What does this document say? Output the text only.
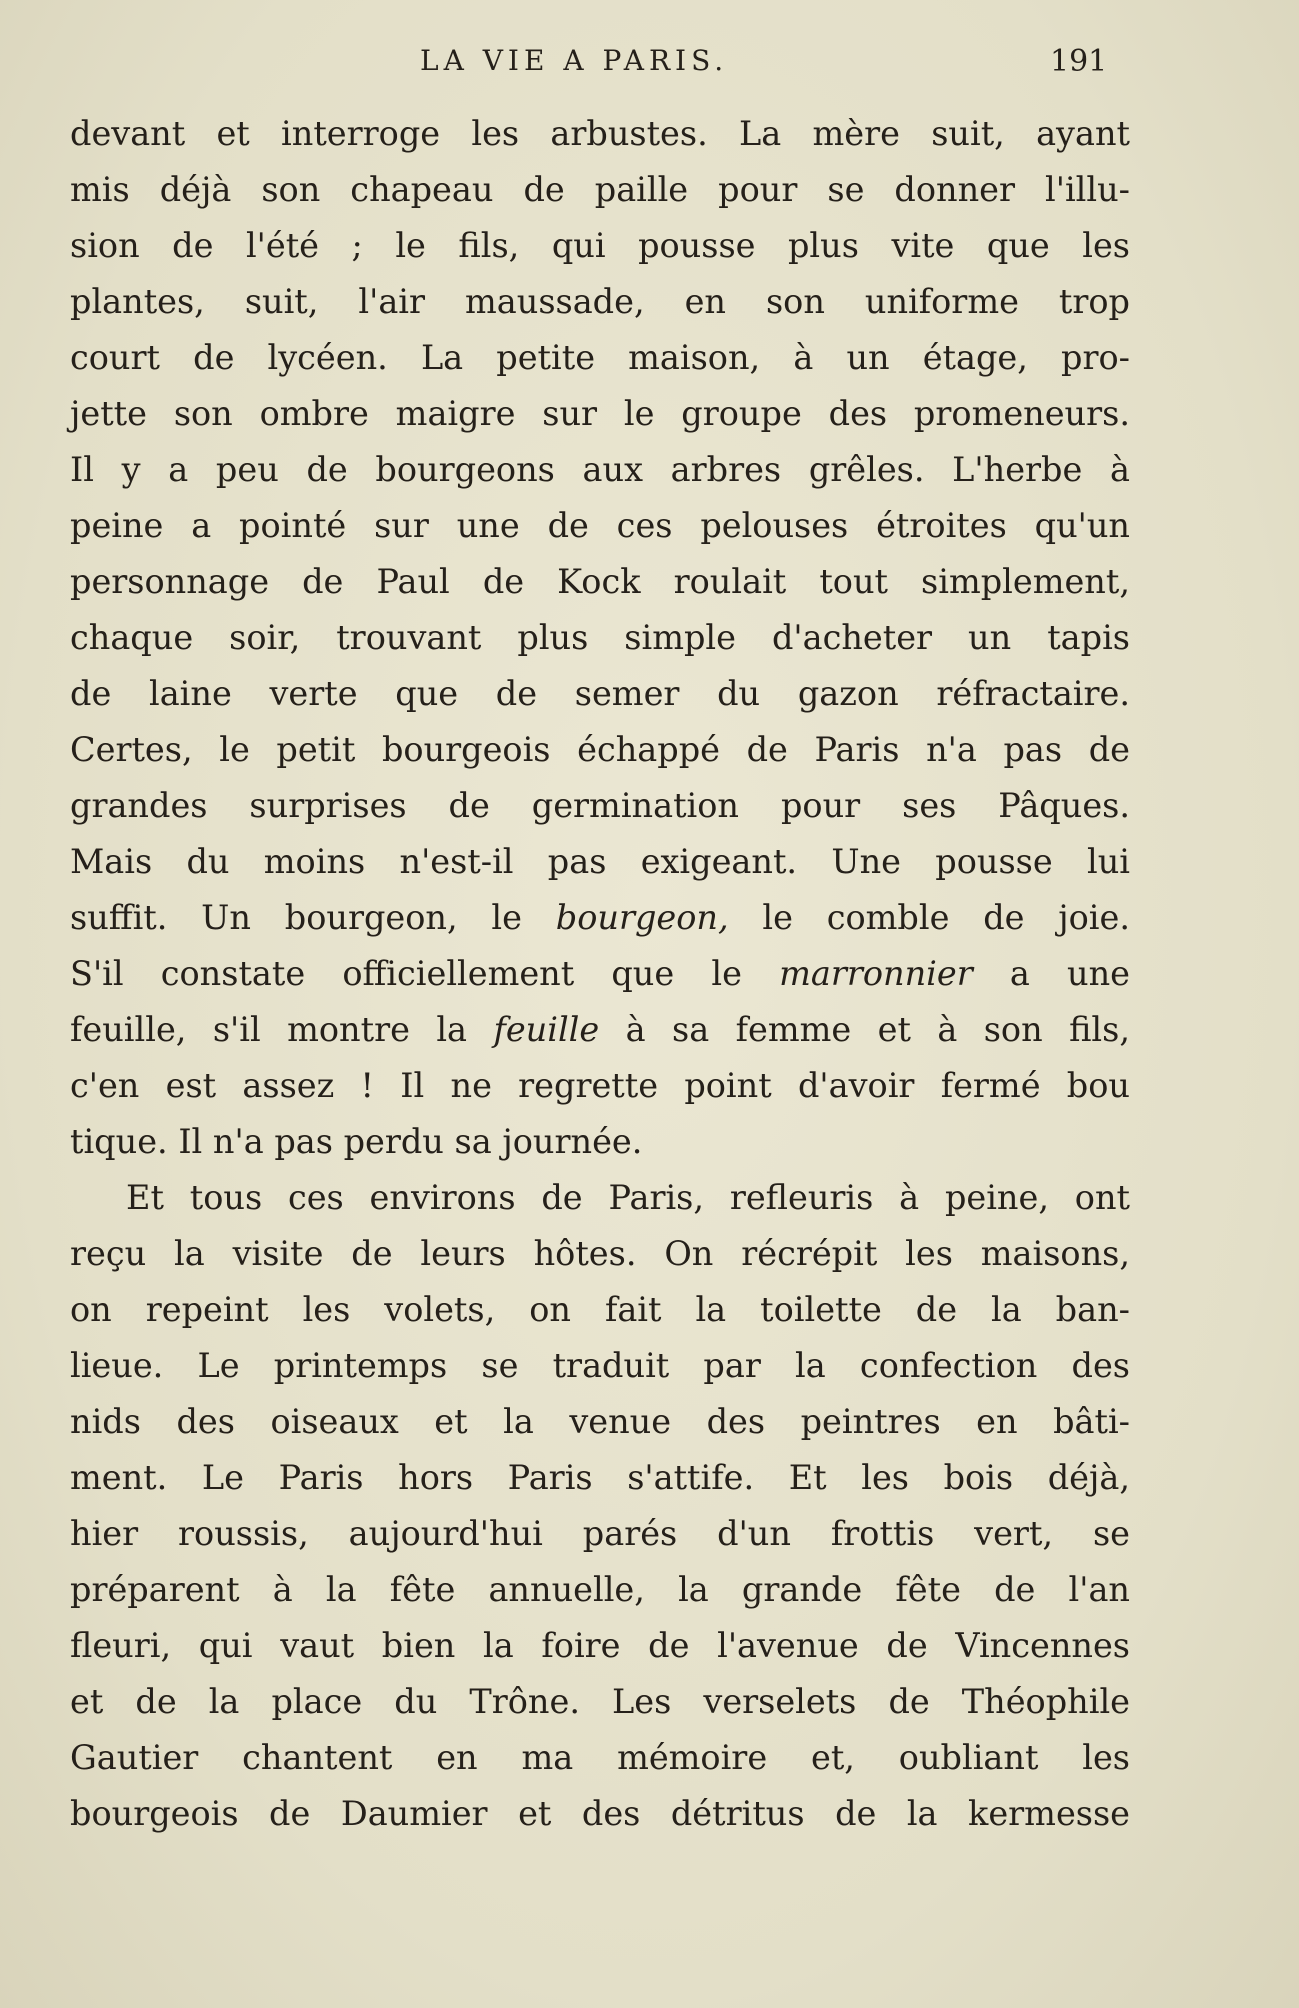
LA VIE A PARIS.	191
devant et interroge les arbustes. La mère suit, ayant
mis déjà son chapeau de paille pour se donner l'illu-
sion de l'été ; le fils, qui pousse plus vite que les
plantes, suit, l'air maussade, en son uniforme trop
court de lycéen. La petite maison, à un étage, pro-
jette son ombre maigre sur le groupe des promeneurs.
Il y a peu de bourgeons aux arbres grêles. L'herbe à
peine a pointé sur une de ces pelouses étroites qu'un
personnage de Paul de Kock roulait tout simplement,
chaque soir, trouvant plus simple d'acheter un tapis
de laine verte que de semer du gazon réfractaire.
Certes, le petit bourgeois échappé de Paris n'a pas de
grandes surprises de germination pour ses Pâques.
Mais du moins n'est-il pas exigeant. Une pousse lui
suffit. Un bourgeon, le bourgeon, le comble de joie.
S'il constate officiellement que le marronnier a une
feuille, s'il montre la feuille à sa femme et à son fils,
c'en est assez ! Il ne regrette point d'avoir fermé bou
tique. Il n'a pas perdu sa journée.
Et tous ces environs de Paris, refleuris à peine, ont
reçu la visite de leurs hôtes. On récrépit les maisons,
on repeint les volets, on fait la toilette de la ban-
lieue. Le printemps se traduit par la confection des
nids des oiseaux et la venue des peintres en bâti-
ment. Le Paris hors Paris s'attife. Et les bois déjà,
hier roussis, aujourd'hui parés d'un frottis vert, se
préparent à la fête annuelle, la grande fête de l'an
fleuri, qui vaut bien la foire de l'avenue de Vincennes
et de la place du Trône. Les verselets de Théophile
Gautier chantent en ma mémoire et, oubliant les
bourgeois de Daumier et des détritus de la kermesse
